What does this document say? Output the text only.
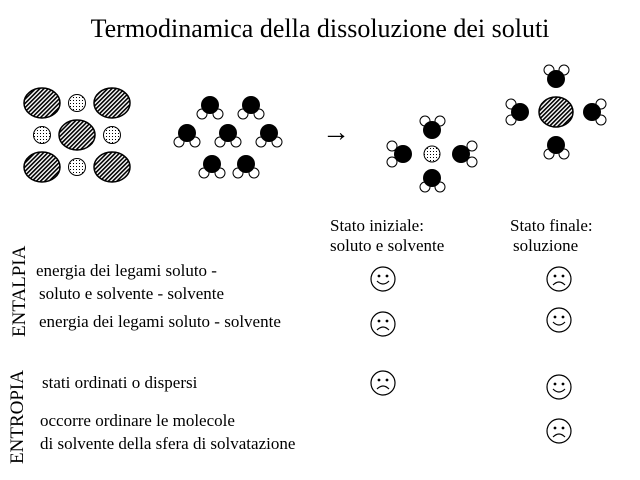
Termodinamica della dissoluzione dei soluti
→
Stato iniziale:
soluto e solvente
Stato finale:
soluzione
ENTALPIA
ENTROPIA
energia dei legami soluto -
soluto e solvente - solvente
energia dei legami soluto - solvente
stati ordinati o dispersi
occorre ordinare le molecole
di solvente della sfera di solvatazione
